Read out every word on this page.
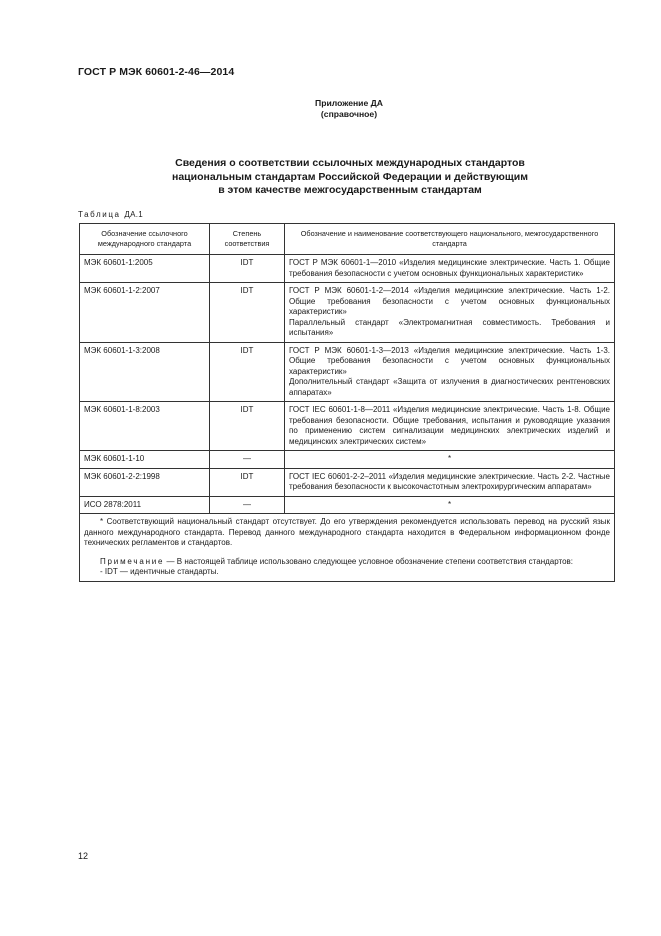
ГОСТ Р МЭК 60601-2-46—2014
Приложение ДА
(справочное)
Сведения о соответствии ссылочных международных стандартов
национальным стандартам Российской Федерации и действующим
в этом качестве межгосударственным стандартам
Таблица ДА.1
Обозначение ссылочного международного стандарта	Степень соответствия	Обозначение и наименование соответствующего национального, межгосударственного стандарта
МЭК 60601-1:2005	IDT	ГОСТ Р МЭК 60601-1—2010 «Изделия медицинские электрические. Часть 1. Общие требования безопасности с учетом основных функциональных характеристик»

МЭК 60601-1-2:2007	IDT	ГОСТ Р МЭК 60601-1-2—2014 «Изделия медицинские электрические. Часть 1-2. Общие требования безопасности с учетом основных функциональных характеристик»
Параллельный стандарт «Электромагнитная совместимость. Требования и испытания»

МЭК 60601-1-3:2008	IDT	ГОСТ Р МЭК 60601-1-3—2013 «Изделия медицинские электрические. Часть 1-3. Общие требования безопасности с учетом основных функциональных характеристик»
Дополнительный стандарт «Защита от излучения в диагностических рентгеновских аппаратах»

МЭК 60601-1-8:2003	IDT	ГОСТ IEC 60601-1-8—2011 «Изделия медицинские электрические. Часть 1-8. Общие требования безопасности. Общие требования, испытания и руководящие указания по применению систем сигнализации медицинских электрических изделий и медицинских электрических систем»

МЭК 60601-1-10	—	*

МЭК 60601-2-2:1998	IDT	ГОСТ IEC 60601-2-2–2011 «Изделия медицинские электрические. Часть 2-2. Частные требования безопасности к высокочастотным электрохирургическим аппаратам»

ИСО 2878:2011	—	*

* Соответствующий национальный стандарт отсутствует. До его утверждения рекомендуется использовать перевод на русский язык данного международного стандарта. Перевод данного международного стандарта находится в Федеральном информационном фонде технических регламентов и стандартов.
Примечание — В настоящей таблице использовано следующее условное обозначение степени соответствия стандартов:
- IDT — идентичные стандарты.		
12
